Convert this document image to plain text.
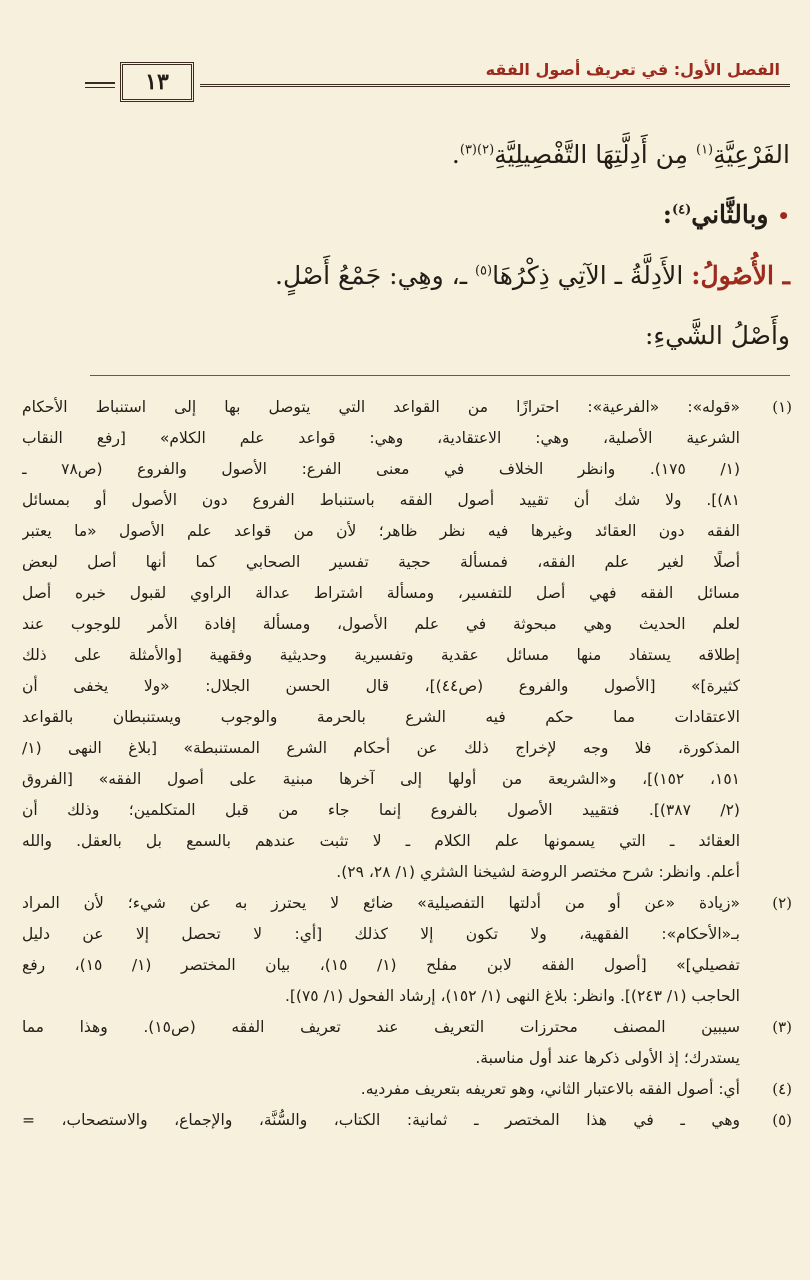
١٣	الفصل الأول: في تعريف أصول الفقه

الفَرْعِيَّةِ$^{(١)}$ مِن أَدِلَّتِهَا التَّفْصِيلِيَّةِ$^{(٢)(٣)}$.

• وبالثَّاني$^{(٤)}$:

ـ الأُصُولُ: الأَدِلَّةُ ـ الآتِي ذِكْرُهَا$^{(٥)}$ ـ، وهِي: جَمْعُ أَصْلٍ.

وأَصْلُ الشَّيءِ:

(١)
«قوله»: «الفرعية»: احترازًا من القواعد التي يتوصل بها إلى استنباط الأحكام
الشرعية الأصلية، وهي: الاعتقادية، وهي: قواعد علم الكلام» [رفع النقاب
(١/ ١٧٥). وانظر الخلاف في معنى الفرع: الأصول والفروع (ص٧٨ ـ
٨١)]. ولا شك أن تقييد أصول الفقه باستنباط الفروع دون الأصول أو بمسائل
الفقه دون العقائد وغيرها فيه نظر ظاهر؛ لأن من قواعد علم الأصول «ما يعتبر
أصلًا لغير علم الفقه، فمسألة حجية تفسير الصحابي كما أنها أصل لبعض
مسائل الفقه فهي أصل للتفسير، ومسألة اشتراط عدالة الراوي لقبول خبره أصل
لعلم الحديث وهي مبحوثة في علم الأصول، ومسألة إفادة الأمر للوجوب عند
إطلاقه يستفاد منها مسائل عقدية وتفسيرية وحديثية وفقهية [والأمثلة على ذلك
كثيرة]» [الأصول والفروع (ص٤٤)]، قال الحسن الجلال: «ولا يخفى أن
الاعتقادات مما حكم فيه الشرع بالحرمة والوجوب ويستنبطان بالقواعد
المذكورة، فلا وجه لإخراج ذلك عن أحكام الشرع المستنبطة» [بلاغ النهى (١/
١٥١، ١٥٢)]، و«الشريعة من أولها إلى آخرها مبنية على أصول الفقه» [الفروق
(٢/ ٣٨٧)]. فتقييد الأصول بالفروع إنما جاء من قبل المتكلمين؛ وذلك أن
العقائد ـ التي يسمونها علم الكلام ـ لا تثبت عندهم بالسمع بل بالعقل. والله
أعلم. وانظر: شرح مختصر الروضة لشيخنا الشثري (١/ ٢٨، ٢٩).
(٢)
«زيادة «عن أو من أدلتها التفصيلية» ضائع لا يحترز به عن شيء؛ لأن المراد
بـ«الأحكام»: الفقهية، ولا تكون إلا كذلك [أي: لا تحصل إلا عن دليل
تفصيلي]» [أصول الفقه لابن مفلح (١/ ١٥)، بيان المختصر (١/ ١٥)، رفع
الحاجب (١/ ٢٤٣)]. وانظر: بلاغ النهى (١/ ١٥٢)، إرشاد الفحول (١/ ٧٥)].
(٣)
سيبين المصنف محترزات التعريف عند تعريف الفقه (ص١٥). وهذا مما
يستدرك؛ إذ الأولى ذكرها عند أول مناسبة.
(٤)
أي: أصول الفقه بالاعتبار الثاني، وهو تعريفه بتعريف مفرديه.
(٥)
وهي ـ في هذا المختصر ـ ثمانية: الكتاب، والسُّنَّة، والإجماع، والاستصحاب، =
